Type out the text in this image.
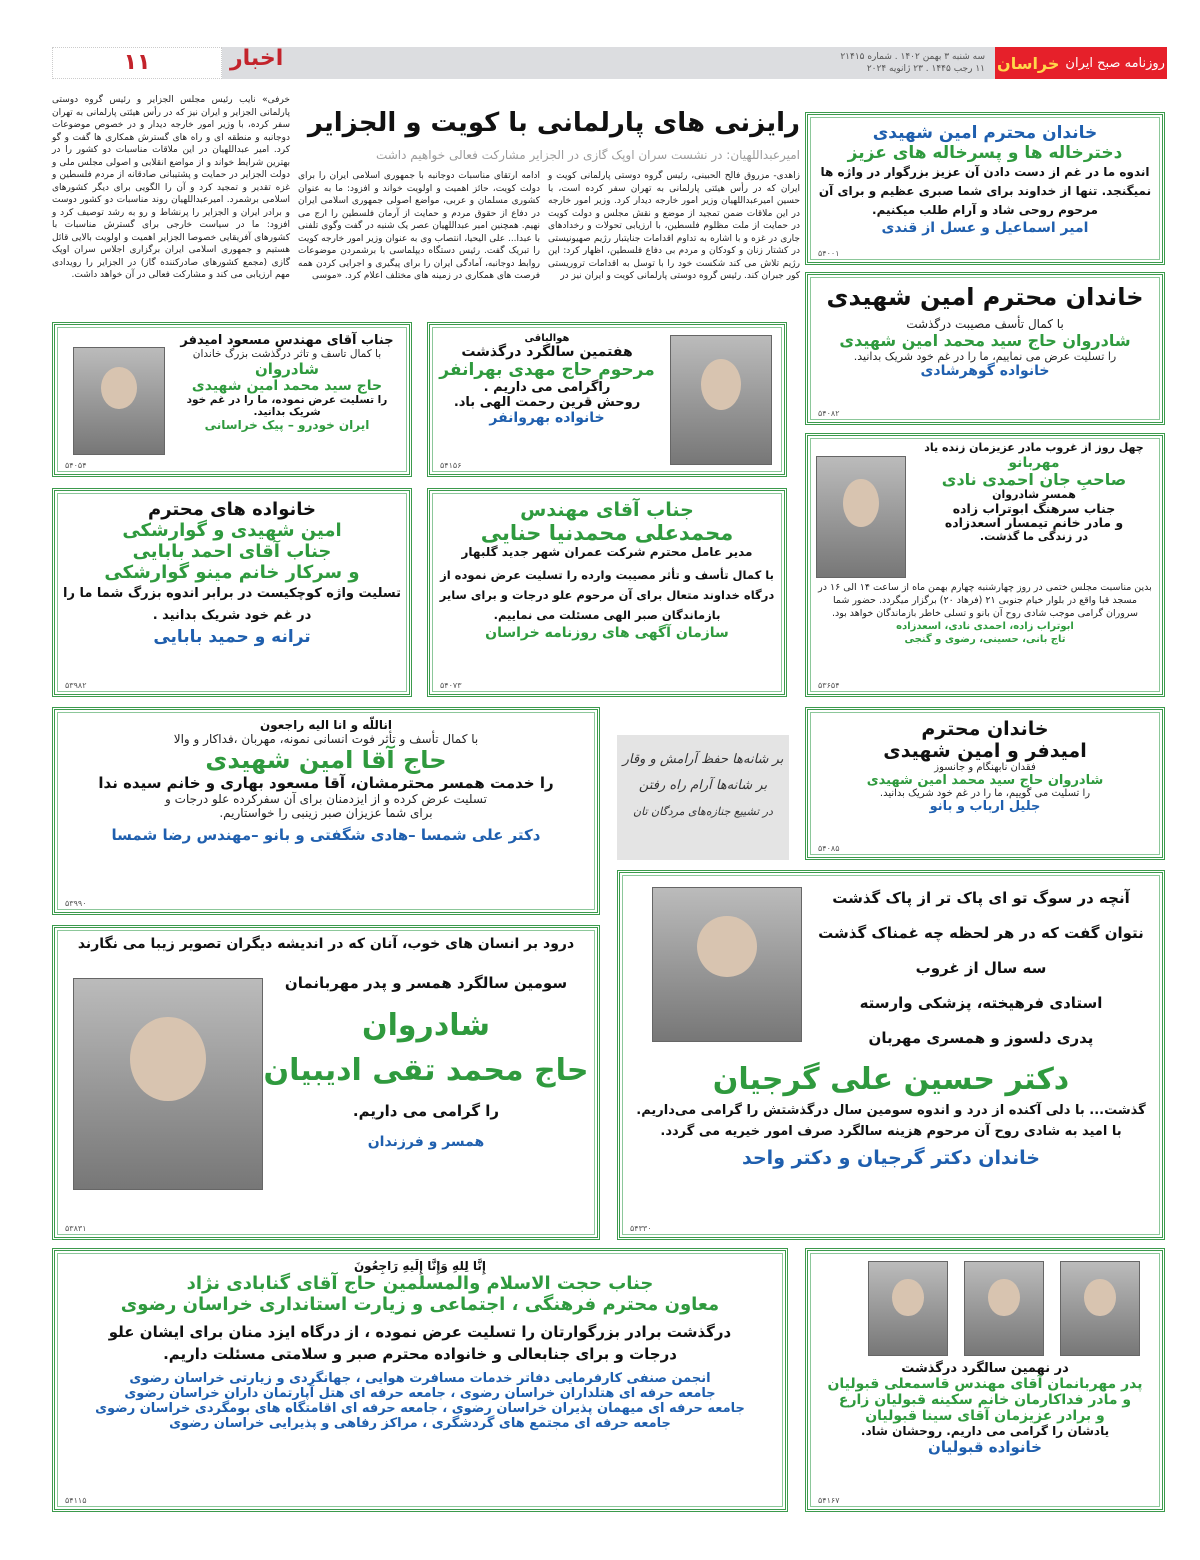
روزنامه صبح ایران
خراسان
سه شنبه ۳ بهمن ۱۴۰۲ . شماره ۲۱۴۱۵
۱۱ رجب ۱۴۴۵ . ۲۳ ژانویه ۲۰۲۴
۱۱	اخبار
رایزنی های پارلمانی با کویت و الجزایر
امیرعبداللهیان: در نشست سران اوپک گازی در الجزایر مشارکت فعالی خواهیم داشت
زاهدی- مزروق فالح الحبینی، رئیس گروه دوستی پارلمانی کویت و ایران که در رأس هیئتی پارلمانی به تهران سفر کرده است، با حسین امیرعبداللهیان وزیر امور خارجه دیدار کرد. وزیر امور خارجه در این ملاقات ضمن تمجید از موضع و نقش مجلس و دولت کویت در حمایت از ملت مظلوم فلسطین، با ارزیابی تحولات و رخدادهای جاری در غزه و با اشاره به تداوم اقدامات جنایتبار رژیم صهیونیستی در کشتار زنان و کودکان و مردم بی دفاع فلسطین، اظهار کرد: این رژیم تلاش می کند شکست خود را با توسل به اقدامات تروریستی کور جبران کند. رئیس گروه دوستی پارلمانی کویت و ایران نیز در
ادامه ارتقای مناسبات دوجانبه با جمهوری اسلامی ایران را برای دولت کویت، حائز اهمیت و اولویت خواند و افزود: ما به عنوان کشوری مسلمان و عربی، مواضع اصولی جمهوری اسلامی ایران در دفاع از حقوق مردم و حمایت از آرمان فلسطین را ارج می نهیم. همچنین امیر عبداللهیان عصر یک شنبه در گفت وگوی تلفنی با عبدا... علی الیحیا، انتصاب وی به عنوان وزیر امور خارجه کویت را تبریک گفت. رئیس دستگاه دیپلماسی با برشمردن موضوعات روابط دوجانبه، آمادگی ایران را برای پیگیری و اجرایی کردن همه فرصت های همکاری در زمینه های مختلف اعلام کرد. «موسی
خرفی» نایب رئیس مجلس الجزایر و رئیس گروه دوستی پارلمانی الجزایر و ایران نیز که در رأس هیئتی پارلمانی به تهران سفر کرده، با وزیر امور خارجه دیدار و در خصوص موضوعات دوجانبه و منطقه ای و راه های گسترش همکاری ها گفت و گو کرد. امیر عبداللهیان در این ملاقات مناسبات دو کشور را در بهترین شرایط خواند و از مواضع انقلابی و اصولی مجلس ملی و دولت الجزایر در حمایت و پشتیبانی صادقانه از مردم فلسطین و غزه تقدیر و تمجید کرد و آن را الگویی برای دیگر کشورهای اسلامی برشمرد. امیرعبداللهیان روند مناسبات دو کشور دوست و برادر ایران و الجزایر را پرنشاط و رو به رشد توصیف کرد و افزود: ما در سیاست خارجی برای گسترش مناسبات با کشورهای آفریقایی خصوصا الجزایر اهمیت و اولویت بالایی قائل هستیم و جمهوری اسلامی ایران برگزاری اجلاس سران اوپک گازی (مجمع کشورهای صادرکننده گاز) در الجزایر را رویدادی مهم ارزیابی می کند و مشارکت فعالی در آن خواهد داشت.
خاندان محترم امین شهیدی
دخترخاله ها و پسرخاله های عزیز
اندوه ما در غم از دست دادن آن عزیز بزرگوار در واژه ها نمیگنجد. تنها از خداوند برای شما صبری عظیم و برای آن مرحوم روحی شاد و آرام طلب میکنیم.
امیر اسماعیل و عسل از قندی
۵۴۰۰۱
خاندان محترم امین شهیدی
با کمال تأسف مصیبت درگذشت
شادروان حاج سید محمد امین شهیدی
را تسلیت عرض می نماییم، ما را در غم خود شریک بدانید.
خانواده گوهرشادی
۵۴۰۸۲
چهل روز از غروب مادر عزیزمان زنده یاد
مهربانو
صاحبِ جان احمدی نادی
همسر شادروان
جناب سرهنگ ابوتراب زاده
و مادر خانم تیمسار اسعدزاده
در زندگی ما گذشت.
بدین مناسبت مجلس ختمی در روز چهارشنبه چهارم بهمن ماه از ساعت ۱۴ الی ۱۶ در مسجد قبا واقع در بلوار خیام جنوبی ۲۱ (فرهاد ۲۰) برگزار میگردد. حضور شما سروران گرامی موجب شادی روح آن بانو و تسلی خاطر بازماندگان خواهد بود.
ابوتراب زاده، احمدی نادی، اسعدزاده
تاج بانی، حسینی، رضوی و گنجی
۵۳۶۵۴
خاندان محترم
امیدفر و امین شهیدی
فقدان نابهنگام و جانسوز
شادروان حاج سید محمد امین شهیدی
را تسلیت می گوییم، ما را در غم خود شریک بدانید.
جلیل ارباب و بانو
۵۴۰۸۵
هوالباقی
هفتمین سالگرد درگذشت
مرحوم حاج مهدی بهرانفر
راگرامی می داریم .
روحش قرین رحمت الهی باد.
خانواده بهروانفر
۵۴۱۵۶
جناب آقای مهندس مسعود امیدفر
با کمال تاسف و تاثر درگذشت بزرگ خاندان
شادروان
حاج سید محمد امین شهیدی
را تسلیت عرض نموده، ما را در غم خود شریک بدانید.
ایران خودرو – پیک خراسانی
۵۴۰۵۴
جناب آقای مهندس
محمدعلی محمدنیا حنایی
مدیر عامل محترم شرکت عمران شهر جدید گلبهار
با کمال تأسف و تأثر مصیبت وارده را تسلیت عرض نموده از درگاه خداوند متعال برای آن مرحوم علو درجات و برای سایر بازماندگان صبر الهی مسئلت می نماییم.
سازمان آگهی های روزنامه خراسان
۵۴۰۷۳
خانواده های محترم
امین شهیدی و گوارشکی
جناب آقای احمد بابایی
و سرکار خانم مینو گوارشکی
تسلیت واژه کوچکیست در برابر اندوه بزرگ شما ما را در غم خود شریک بدانید .
ترانه و حمید بابایی
۵۳۹۸۲
اناللّه و انا الیه راجعون
با کمال تأسف و تأثر فوت انسانی نمونه، مهربان ،فداکار و والا
حاج آقا امین شهیدی
را خدمت همسر محترمشان، آقا مسعود بهاری و خانم سیده ندا
تسلیت عرض کرده و از ایزدمنان برای آن سفرکرده علو درجات و برای شما عزیزان صبر زینبی را خواستاریم.
دکتر علی شمسا –هادی شگفتی و بانو –مهندس رضا شمسا
۵۳۹۹۰
بر شانه‌ها حفظ آرامش و وقار
بر شانه‌ها آرام راه رفتن
در تشییع جنازه‌های مردگان تان
آنچه در سوگ تو ای پاک تر از پاک گذشت
نتوان گفت که در هر لحظه چه غمناک گذشت
سه سال از غروب
استادی فرهیخته، پزشکی وارسته
پدری دلسوز و همسری مهربان
دکتر حسین علی گرجیان
گذشت... با دلی آکنده از درد و اندوه سومین سال درگذشتش را گرامی می‌داریم.
با امید به شادی روح آن مرحوم هزینه سالگرد صرف امور خیریه می گردد.
خاندان دکتر گرجیان و دکتر واحد
۵۴۳۳۰
درود بر انسان های خوب، آنان که در اندیشه دیگران تصویر زیبا می نگارند
سومین سالگرد همسر و پدر مهربانمان
شادروان
حاج محمد تقی ادیبیان
را گرامی می داریم.
همسر و فرزندان
۵۳۸۳۱
إِنَّا لِلهِ وَإِنَّا إِلَيهِ رَاجِعُونَ
جناب حجت الاسلام والمسلمین حاج آقای گنابادی نژاد
معاون محترم فرهنگی ، اجتماعی و زیارت استانداری خراسان رضوی
درگذشت برادر بزرگوارتان را تسلیت عرض نموده ، از درگاه ایزد منان برای ایشان علو درجات و برای جنابعالی و خانواده محترم صبر و سلامتی مسئلت داریم.
انجمن صنفی کارفرمایی دفاتر خدمات مسافرت هوایی ، جهانگردی و زیارتی خراسان رضوی
جامعه حرفه ای هتلداران خراسان رضوی ، جامعه حرفه ای هتل آپارتمان داران خراسان رضوی
جامعه حرفه ای میهمان پذیران خراسان رضوی ، جامعه حرفه ای اقامتگاه های بومگردی خراسان رضوی
جامعه حرفه ای مجتمع های گردشگری ، مراکز رفاهی و پذیرایی خراسان رضوی
۵۴۱۱۵
در نهمین سالگرد درگذشت
پدر مهربانمان آقای مهندس قاسمعلی قبولیان
و مادر فداکارمان خانم سکینه قبولیان زارع
و برادر عزیزمان آقای سینا قبولیان
یادشان را گرامی می داریم. روحشان شاد.
خانواده قبولیان
۵۴۱۶۷
